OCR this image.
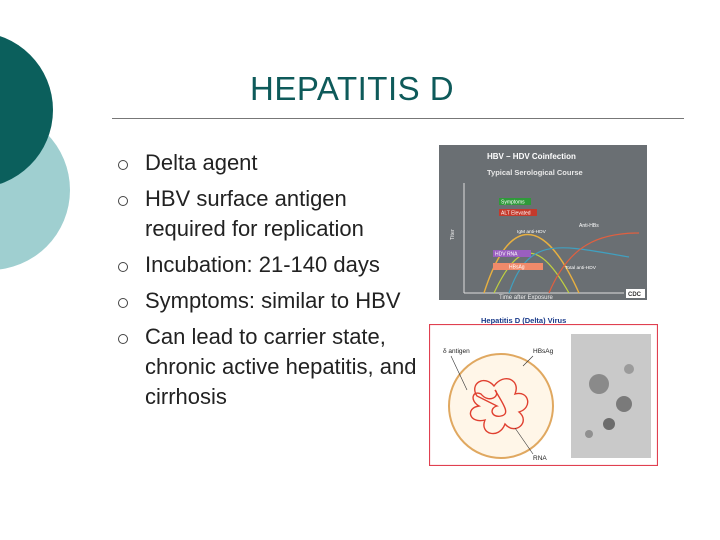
HEPATITIS D
Delta agent
HBV surface antigen required for replication
Incubation: 21-140 days
Symptoms: similar to HBV
Can lead to carrier state, chronic active hepatitis, and cirrhosis
HBV – HDV Coinfection
Typical Serological Course
Titer
Time after Exposure
Symptoms
ALT Elevated
IgM anti-HDV
Anti-HBs
HDV RNA
HBsAg	Total anti-HDV
CDC
δ antigen	HBsAg
RNA
Hepatitis D (Delta) Virus
